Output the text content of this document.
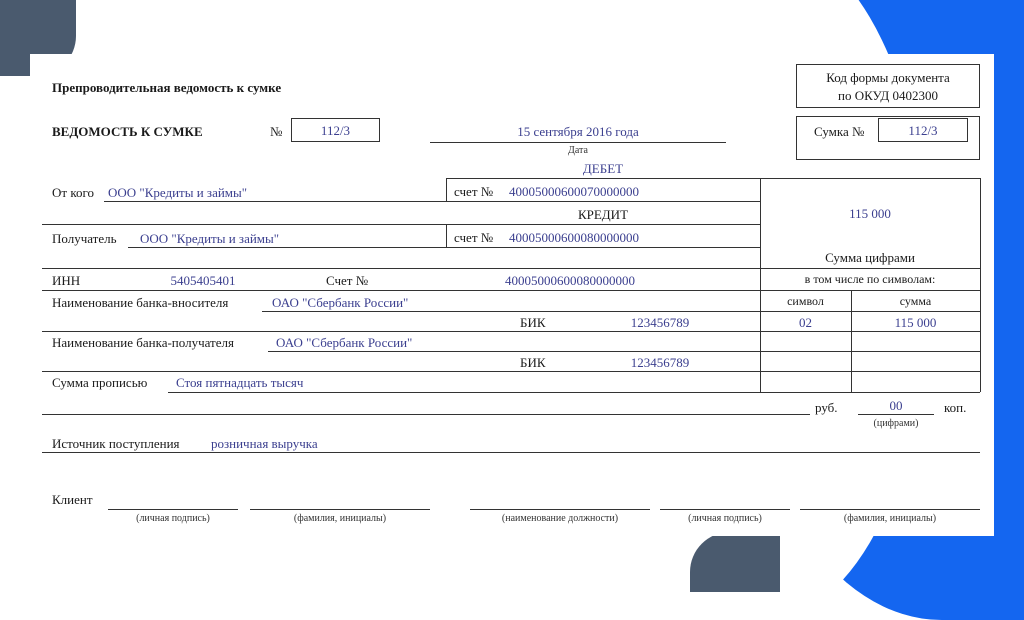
Препроводительная ведомость к сумке
Код формы документа
по ОКУД 0402300
ВЕДОМОСТЬ К СУМКЕ	№	112/3	15 сентября 2016 года
Дата
Сумка №	112/3
ДЕБЕТ
От кого ООО "Кредиты и займы"	счет № 40005000600070000000
КРЕДИТ
Получатель ООО "Кредиты и займы"	счет № 40005000600080000000
115 000
Сумма цифрами
в том числе по символам:
ИНН	5405405401	Счет №	40005000600080000000
символ	сумма
Наименование банка-вносителя	ОАО "Сбербанк России"
БИК	123456789	02	115 000
Наименование банка-получателя	ОАО "Сбербанк России"
БИК	123456789
Сумма прописью Стоя пятнадцать тысяч
руб.	00	коп.
(цифрами)
Источник поступления розничная выручка
Клиент
(личная подпись)	(фамилия, инициалы)	(наименование должности)	(личная подпись)	(фамилия, инициалы)
